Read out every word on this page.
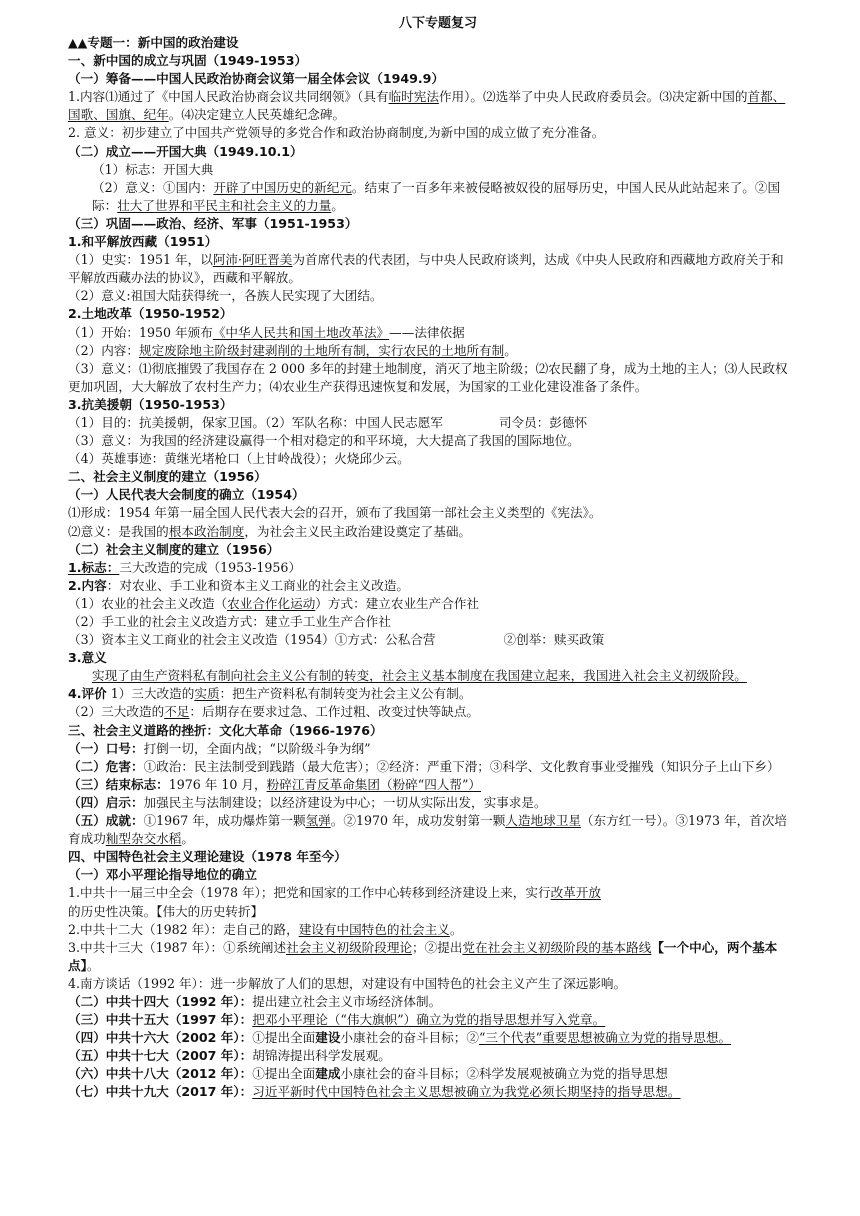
八下专题复习
▲▲专题一：新中国的政治建设
一、新中国的成立与巩固（1949-1953）
（一）筹备——中国人民政治协商会议第一届全体会议（1949.9）
1.内容⑴通过了《中国人民政治协商会议共同纲领》（具有临时宪法作用）。⑵选举了中央人民政府委员会。⑶决定新中国的首都、国歌、国旗、纪年。⑷决定建立人民英雄纪念碑。
2. 意义：初步建立了中国共产党领导的多党合作和政治协商制度,为新中国的成立做了充分准备。
（二）成立——开国大典（1949.10.1）
（1）标志：开国大典
（2）意义：①国内：开辟了中国历史的新纪元。结束了一百多年来被侵略被奴役的屈辱历史，中国人民从此站起来了。②国际：壮大了世界和平民主和社会主义的力量。
（三）巩固——政治、经济、军事（1951-1953）
1.和平解放西藏（1951）
（1）史实：1951 年，以阿沛·阿旺晋美为首席代表的代表团，与中央人民政府谈判，达成《中央人民政府和西藏地方政府关于和平解放西藏办法的协议》，西藏和平解放。
（2）意义:祖国大陆获得统一，各族人民实现了大团结。
2.土地改革（1950-1952）
（1）开始：1950 年颁布《中华人民共和国土地改革法》——法律依据
（2）内容：规定废除地主阶级封建剥削的土地所有制，实行农民的土地所有制。
（3）意义：⑴彻底摧毁了我国存在 2 000 多年的封建土地制度，消灭了地主阶级；⑵农民翻了身，成为土地的主人；⑶人民政权更加巩固，大大解放了农村生产力；⑷农业生产获得迅速恢复和发展，为国家的工业化建设准备了条件。
3.抗美援朝（1950-1953）
（1）目的：抗美援朝，保家卫国。（2）军队名称：中国人民志愿军	司令员：彭德怀
（3）意义：为我国的经济建设赢得一个相对稳定的和平环境，大大提高了我国的国际地位。
（4）英雄事迹：黄继光堵枪口（上甘岭战役）；火烧邱少云。
二、社会主义制度的建立（1956）
（一）人民代表大会制度的确立（1954）
⑴形成：1954 年第一届全国人民代表大会的召开，颁布了我国第一部社会主义类型的《宪法》。
⑵意义：是我国的根本政治制度，为社会主义民主政治建设奠定了基础。
（二）社会主义制度的建立（1956）
1.标志：三大改造的完成（1953-1956）
2.内容：对农业、手工业和资本主义工商业的社会主义改造。
（1）农业的社会主义改造（农业合作化运动）方式：建立农业生产合作社
（2）手工业的社会主义改造方式：建立手工业生产合作社
（3）资本主义工商业的社会主义改造（1954）①方式：公私合营	②创举：赎买政策
3.意义
实现了由生产资料私有制向社会主义公有制的转变，社会主义基本制度在我国建立起来，我国进入社会主义初级阶段。
4.评价 1）三大改造的实质：把生产资料私有制转变为社会主义公有制。
（2）三大改造的不足：后期存在要求过急、工作过粗、改变过快等缺点。
三、社会主义道路的挫折：文化大革命（1966-1976）
（一）口号：打倒一切，全面内战；“以阶级斗争为纲”
（二）危害：①政治：民主法制受到践踏（最大危害）；②经济：严重下滑；③科学、文化教育事业受摧残（知识分子上山下乡）
（三）结束标志：1976 年 10 月，粉碎江青反革命集团（粉碎“四人帮”）
（四）启示：加强民主与法制建设；以经济建设为中心；一切从实际出发，实事求是。
（五）成就：①1967 年，成功爆炸第一颗氢弹。②1970 年，成功发射第一颗人造地球卫星（东方红一号）。③1973 年，首次培育成功籼型杂交水稻。
四、中国特色社会主义理论建设（1978 年至今）
（一）邓小平理论指导地位的确立
1.中共十一届三中全会（1978 年）；把党和国家的工作中心转移到经济建设上来，实行改革开放的历史性决策。【伟大的历史转折】
2.中共十二大（1982 年）：走自己的路，建设有中国特色的社会主义。
3.中共十三大（1987 年）：①系统阐述社会主义初级阶段理论；②提出党在社会主义初级阶段的基本路线【一个中心，两个基本点】。
4.南方谈话（1992 年）：进一步解放了人们的思想，对建设有中国特色的社会主义产生了深远影响。
（二）中共十四大（1992 年）：提出建立社会主义市场经济体制。
（三）中共十五大（1997 年）：把邓小平理论（“伟大旗帜”）确立为党的指导思想并写入党章。
（四）中共十六大（2002 年）：①提出全面建设小康社会的奋斗目标；②“三个代表”重要思想被确立为党的指导思想。
（五）中共十七大（2007 年）：胡锦涛提出科学发展观。
（六）中共十八大（2012 年）：①提出全面建成小康社会的奋斗目标；②科学发展观被确立为党的指导思想
（七）中共十九大（2017 年）：习近平新时代中国特色社会主义思想被确立为我党必须长期坚持的指导思想。
